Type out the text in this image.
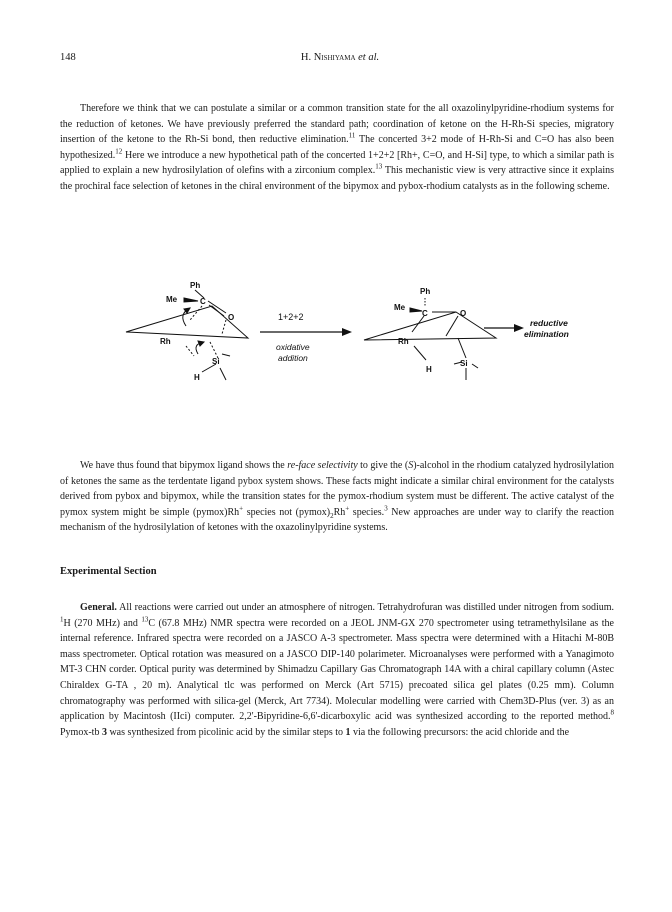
148	H. Nishiyama et al.
Therefore we think that we can postulate a similar or a common transition state for the all oxazolinylpyridine-rhodium systems for the reduction of ketones. We have previously preferred the standard path; coordination of ketone on the H-Rh-Si species, migratory insertion of the ketone to the Rh-Si bond, then reductive elimination.$^{11}$ The concerted 3+2 mode of H-Rh-Si and C=O has also been hypothesized.$^{12}$ Here we introduce a new hypothetical path of the concerted 1+2+2 [Rh+, C=O, and H-Si] type, to which a similar path is applied to explain a new hydrosilylation of olefins with a zirconium complex.$^{13}$ This mechanistic view is very attractive since it explains the prochiral face selection of ketones in the chiral environment of the bipymox and pybox-rhodium catalysts as in the following scheme.
Ph
Me	C
O
Rh
Si
H
1+2+2
oxidative
addition
Ph
Me
C	O
Rh
Si
H
reductive
elimination
We have thus found that bipymox ligand shows the re-face selectivity to give the (S)-alcohol in the rhodium catalyzed hydrosilylation of ketones the same as the terdentate ligand pybox system shows. These facts might indicate a similar chiral environment for the catalysts derived from pybox and bipymox, while the transition states for the pymox-rhodium system must be different. The active catalyst of the pymox system might be simple (pymox)Rh+ species not $(pymox)_2Rh^+$ species.$^3$ New approaches are under way to clarify the reaction mechanism of the hydrosilylation of ketones with the oxazolinylpyridine systems.
Experimental Section
General. All reactions were carried out under an atmosphere of nitrogen. Tetrahydrofuran was distilled under nitrogen from sodium. $^1$H (270 MHz) and $^{13}$C (67.8 MHz) NMR spectra were recorded on a JEOL JNM-GX 270 spectrometer using tetramethylsilane as the internal reference. Infrared spectra were recorded on a JASCO A-3 spectrometer. Mass spectra were determined with a Hitachi M-80B mass spectrometer. Optical rotation was measured on a JASCO DIP-140 polarimeter. Microanalyses were performed with a Yanagimoto MT-3 CHN corder. Optical purity was determined by Shimadzu Capillary Gas Chromatograph 14A with a chiral capillary column (Astec Chiraldex G-TA , 20 m). Analytical tlc was performed on Merck (Art 5715) precoated silica gel plates (0.25 mm). Column chromatography was performed with silica-gel (Merck, Art 7734). Molecular modelling were carried with Chem3D-Plus (ver. 3) as an application by Macintosh (IIci) computer. 2,2'-Bipyridine-6,6'-dicarboxylic acid was synthesized according to the reported method.$^8$ Pymox-tb 3 was synthesized from picolinic acid by the similar steps to 1 via the following precursors: the acid chloride and the
